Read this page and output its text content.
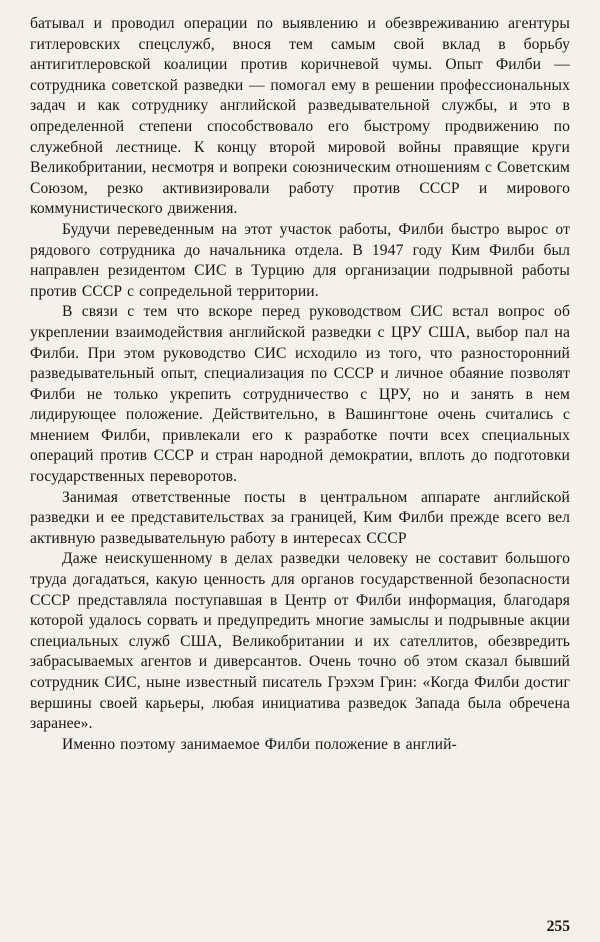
батывал и проводил операции по выявлению и обезвреживанию агентуры гитлеровских спецслужб, внося тем самым свой вклад в борьбу антигитлеровской коалиции против коричневой чумы. Опыт Филби — сотрудника советской разведки — помогал ему в решении профессиональных задач и как сотруднику английской разведывательной службы, и это в определенной степени способствовало его быстрому продвижению по служебной лестнице. К концу второй мировой войны правящие круги Великобритании, несмотря и вопреки союзническим отношениям с Советским Союзом, резко активизировали работу против СССР и мирового коммунистического движения.

Будучи переведенным на этот участок работы, Филби быстро вырос от рядового сотрудника до начальника отдела. В 1947 году Ким Филби был направлен резидентом СИС в Турцию для организации подрывной работы против СССР с сопредельной территории.

В связи с тем что вскоре перед руководством СИС встал вопрос об укреплении взаимодействия английской разведки с ЦРУ США, выбор пал на Филби. При этом руководство СИС исходило из того, что разносторонний разведывательный опыт, специализация по СССР и личное обаяние позволят Филби не только укрепить сотрудничество с ЦРУ, но и занять в нем лидирующее положение. Действительно, в Вашингтоне очень считались с мнением Филби, привлекали его к разработке почти всех специальных операций против СССР и стран народной демократии, вплоть до подготовки государственных переворотов.

Занимая ответственные посты в центральном аппарате английской разведки и ее представительствах за границей, Ким Филби прежде всего вел активную разведывательную работу в интересах СССР

Даже неискушенному в делах разведки человеку не составит большого труда догадаться, какую ценность для органов государственной безопасности СССР представляла поступавшая в Центр от Филби информация, благодаря которой удалось сорвать и предупредить многие замыслы и подрывные акции специальных служб США, Великобритании и их сателлитов, обезвредить забрасываемых агентов и диверсантов. Очень точно об этом сказал бывший сотрудник СИС, ныне известный писатель Грэхэм Грин: «Когда Филби достиг вершины своей карьеры, любая инициатива разведок Запада была обречена заранее».

Именно поэтому занимаемое Филби положение в англий-

255
